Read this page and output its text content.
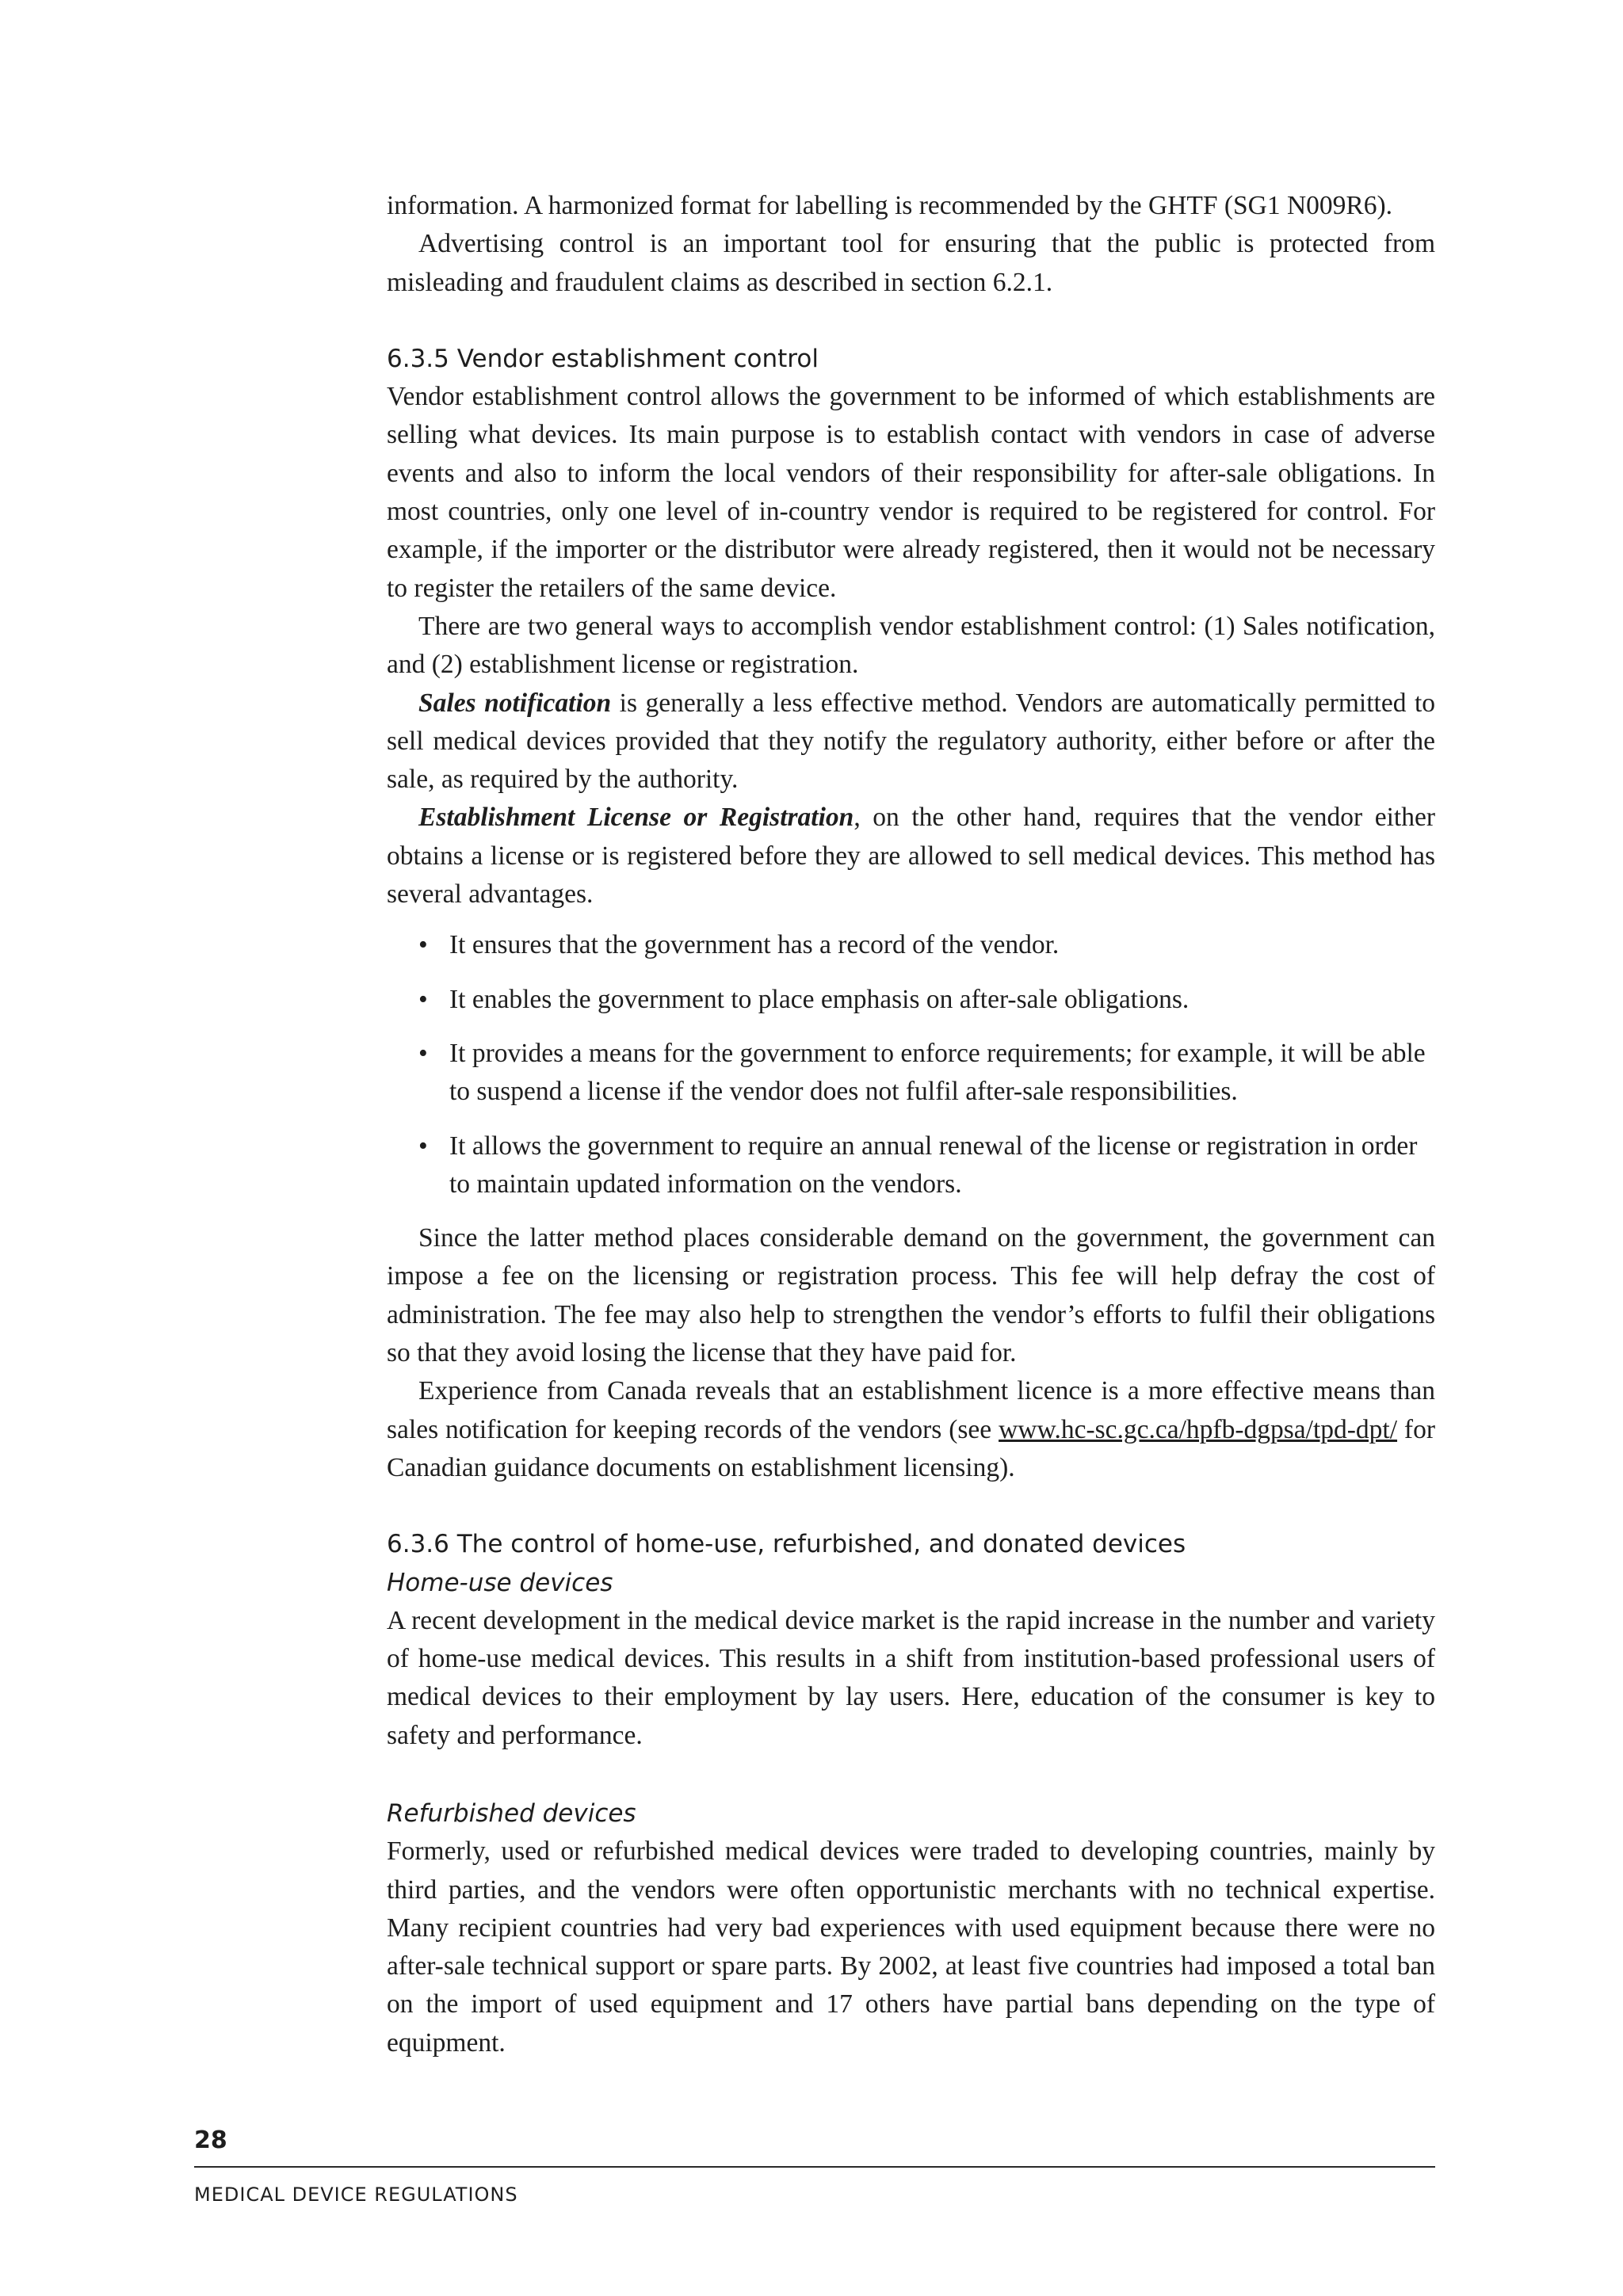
information. A harmonized format for labelling is recommended by the GHTF (SG1 N009R6).

Advertising control is an important tool for ensuring that the public is protected from misleading and fraudulent claims as described in section 6.2.1.

6.3.5 Vendor establishment control

Vendor establishment control allows the government to be informed of which establishments are selling what devices. Its main purpose is to establish contact with vendors in case of adverse events and also to inform the local vendors of their responsibility for after-sale obligations. In most countries, only one level of in-country vendor is required to be registered for control. For example, if the importer or the distributor were already registered, then it would not be necessary to register the retailers of the same device.

There are two general ways to accomplish vendor establishment control: (1) Sales notification, and (2) establishment license or registration.

Sales notification is generally a less effective method. Vendors are automatically permitted to sell medical devices provided that they notify the regulatory authority, either before or after the sale, as required by the authority.

Establishment License or Registration, on the other hand, requires that the vendor either obtains a license or is registered before they are allowed to sell medical devices. This method has several advantages.

• It ensures that the government has a record of the vendor.
• It enables the government to place emphasis on after-sale obligations.
• It provides a means for the government to enforce requirements; for example, it will be able to suspend a license if the vendor does not fulfil after-sale responsibilities.
• It allows the government to require an annual renewal of the license or registration in order to maintain updated information on the vendors.

Since the latter method places considerable demand on the government, the government can impose a fee on the licensing or registration process. This fee will help defray the cost of administration. The fee may also help to strengthen the vendor’s efforts to fulfil their obligations so that they avoid losing the license that they have paid for.

Experience from Canada reveals that an establishment licence is a more effective means than sales notification for keeping records of the vendors (see www.hc-sc.gc.ca/hpfb-dgpsa/tpd-dpt/ for Canadian guidance documents on establishment licensing).

6.3.6 The control of home-use, refurbished, and donated devices
Home-use devices

A recent development in the medical device market is the rapid increase in the number and variety of home-use medical devices. This results in a shift from institution-based professional users of medical devices to their employment by lay users. Here, education of the consumer is key to safety and performance.

Refurbished devices

Formerly, used or refurbished medical devices were traded to developing countries, mainly by third parties, and the vendors were often opportunistic merchants with no technical expertise. Many recipient countries had very bad experiences with used equipment because there were no after-sale technical support or spare parts. By 2002, at least five countries had imposed a total ban on the import of used equipment and 17 others have partial bans depending on the type of equipment.

28
MEDICAL DEVICE REGULATIONS
